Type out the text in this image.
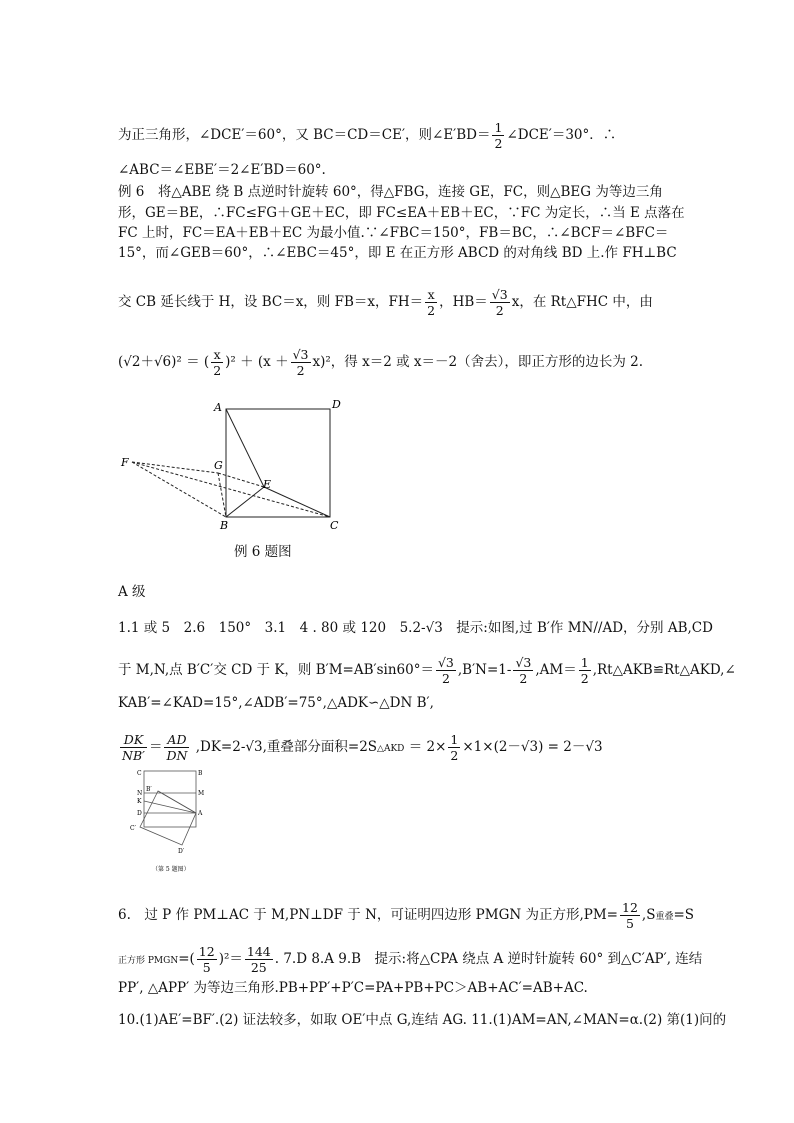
为正三角形，∠DCE′＝60°，又 BC＝CD＝CE′，则∠E′BD＝ $\frac{1}{2}$ ∠DCE′＝30°．∴
∠ABC＝∠EBE′＝2∠E′BD＝60°.
例 6　将△ABE 绕 B 点逆时针旋转 60°，得△FBG，连接 GE，FC，则△BEG 为等边三角
形，GE＝BE，∴FC≤FG＋GE＋EC，即 FC≤EA＋EB＋EC，∵FC 为定长，∴当 E 点落在
FC 上时，FC＝EA＋EB＋EC 为最小值.∵∠FBC＝150°，FB＝BC，∴∠BCF＝∠BFC＝
15°，而∠GEB＝60°，∴∠EBC＝45°，即 E 在正方形 ABCD 的对角线 BD 上.作 FH⊥BC
交 CB 延长线于 H，设 BC＝x，则 FB＝x，$FH= \frac{x}{2}$ ，$HB= \frac{√3}{2}$ x，在 Rt△FHC 中，由
(√2＋√6)² ＝ ( $\frac{x}{2} )^2 + (x + \frac{√3}{2} x)^2$，得 x＝2 或 x＝－2（舍去），即正方形的边长为 2.
A	D
F	G
E
B	C
例 6 题图
A 级
1.1 或 5　2.6　150°　3.1　4 . 80 或 120　5.2-√3　提示:如图,过 B′作 MN//AD，分别 AB,CD
于 M,N,点 B′C′交 CD 于 K，则 $B'M=AB'\sin 60^\circ= \frac{√3}{2} ,B'N=1- \frac{√3}{2} ,AM= \frac{1}{2}$ ,Rt△AKB≌Rt△AKD,∠
KAB′=∠KAD=15°,∠ADB′=75°,△ADK∽△DN B′,
$\frac{DK}{NB'} = \frac{AD}{DN} ,DK=2-√3$,重叠部分面积=2S△AKD ＝ $2\times \frac{1}{2} \times 1\times(2-√3) = 2-√3$
C	B
B′
M
K
N
A
D
C′
D′
（第 5 题图）
6.　过 P 作 PM⊥AC 于 M,PN⊥DF 于 N，可证明四边形 PMGN 为正方形$,PM= \frac{12}{5} ,S$重叠=S
正方形 PMGN=( $\frac{12}{5} )^2= \frac{144}{25}$ . 7.D 8.A 9.B　提示:将△CPA 绕点 A 逆时针旋转 60° 到△C′AP′, 连结
PP′, △APP′ 为等边三角形.PB+PP′+P′C=PA+PB+PC＞AB+AC′=AB+AC.
10.(1)AE′=BF′.(2) 证法较多，如取 OE′中点 G,连结 AG. 11.(1)AM=AN,∠MAN=α.(2) 第(1)问的
